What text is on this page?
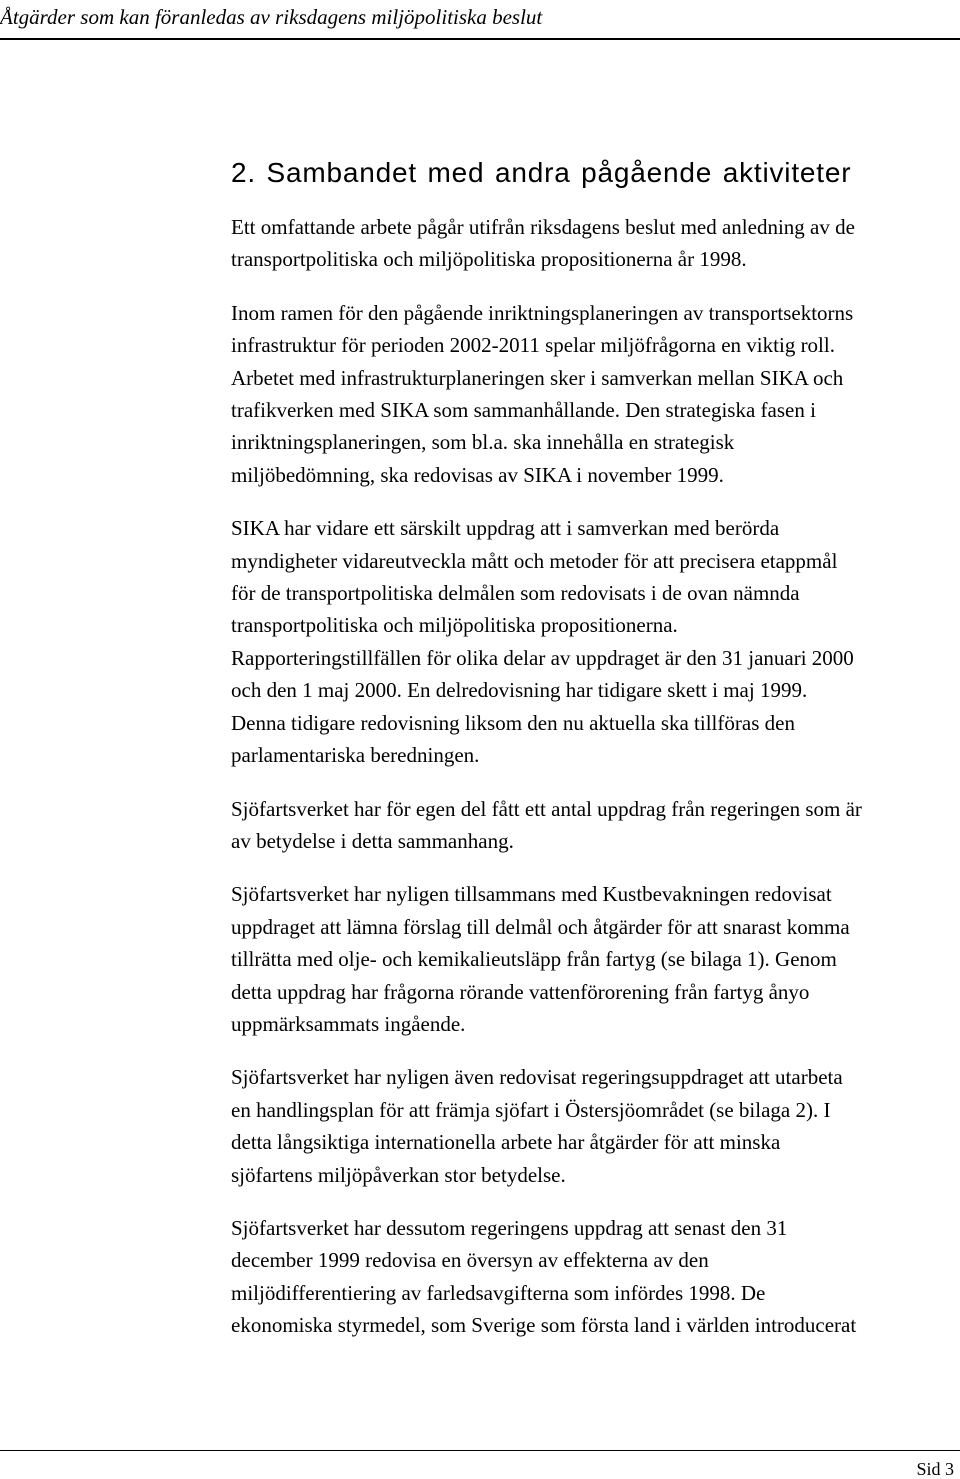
Åtgärder som kan föranledas av riksdagens miljöpolitiska beslut
2. Sambandet med andra pågående aktiviteter

Ett omfattande arbete pågår utifrån riksdagens beslut med anledning av de
transportpolitiska och miljöpolitiska propositionerna år 1998.

Inom ramen för den pågående inriktningsplaneringen av transportsektorns
infrastruktur för perioden 2002-2011 spelar miljöfrågorna en viktig roll.
Arbetet med infrastrukturplaneringen sker i samverkan mellan SIKA och
trafikverken med SIKA som sammanhållande. Den strategiska fasen i
inriktningsplaneringen, som bl.a. ska innehålla en strategisk
miljöbedömning, ska redovisas av SIKA i november 1999.

SIKA har vidare ett särskilt uppdrag att i samverkan med berörda
myndigheter vidareutveckla mått och metoder för att precisera etappmål
för de transportpolitiska delmålen som redovisats i de ovan nämnda
transportpolitiska och miljöpolitiska propositionerna.
Rapporteringstillfällen för olika delar av uppdraget är den 31 januari 2000
och den 1 maj 2000. En delredovisning har tidigare skett i maj 1999.
Denna tidigare redovisning liksom den nu aktuella ska tillföras den
parlamentariska beredningen.

Sjöfartsverket har för egen del fått ett antal uppdrag från regeringen som är
av betydelse i detta sammanhang.

Sjöfartsverket har nyligen tillsammans med Kustbevakningen redovisat
uppdraget att lämna förslag till delmål och åtgärder för att snarast komma
tillrätta med olje- och kemikalieutsläpp från fartyg (se bilaga 1). Genom
detta uppdrag har frågorna rörande vattenförorening från fartyg ånyo
uppmärksammats ingående.

Sjöfartsverket har nyligen även redovisat regeringsuppdraget att utarbeta
en handlingsplan för att främja sjöfart i Östersjöområdet (se bilaga 2). I
detta långsiktiga internationella arbete har åtgärder för att minska
sjöfartens miljöpåverkan stor betydelse.

Sjöfartsverket har dessutom regeringens uppdrag att senast den 31
december 1999 redovisa en översyn av effekterna av den
miljödifferentiering av farledsavgifterna som infördes 1998. De
ekonomiska styrmedel, som Sverige som första land i världen introducerat

Sid 3
